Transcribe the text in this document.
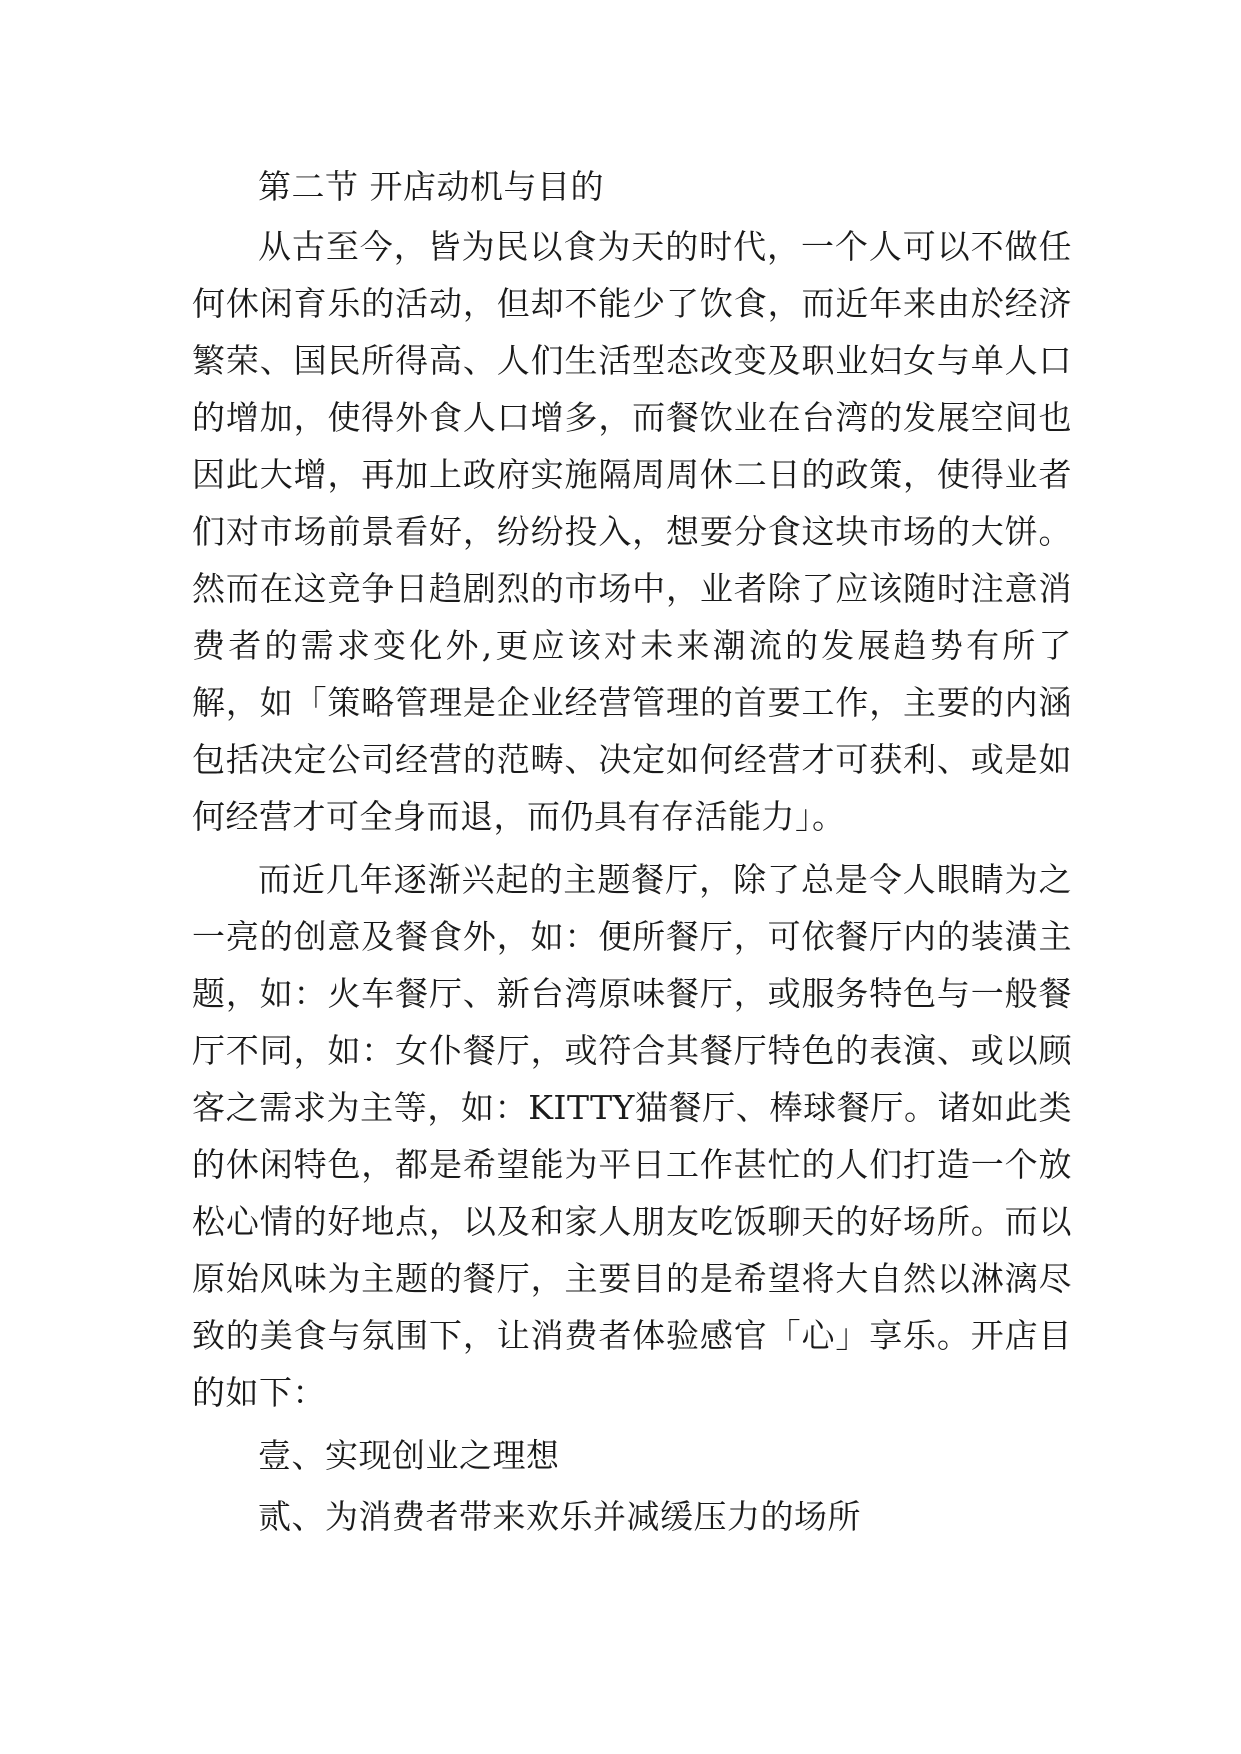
第二节 开店动机与目的

从古至今，皆为民以食为天的时代，一个人可以不做任何休闲育乐的活动，但却不能少了饮食，而近年来由於经济繁荣、国民所得高、人们生活型态改变及职业妇女与单人口的增加，使得外食人口增多，而餐饮业在台湾的发展空间也因此大增，再加上政府实施隔周周休二日的政策，使得业者们对市场前景看好，纷纷投入，想要分食这块市场的大饼。然而在这竞争日趋剧烈的市场中，业者除了应该随时注意消费者的需求变化外,更应该对未来潮流的发展趋势有所了解，如「策略管理是企业经营管理的首要工作，主要的内涵包括决定公司经营的范畴、决定如何经营才可获利、或是如何经营才可全身而退，而仍具有存活能力」。

而近几年逐渐兴起的主题餐厅，除了总是令人眼睛为之一亮的创意及餐食外，如：便所餐厅，可依餐厅内的装潢主题，如：火车餐厅、新台湾原味餐厅，或服务特色与一般餐厅不同，如：女仆餐厅，或符合其餐厅特色的表演、或以顾客之需求为主等，如：KITTY猫餐厅、棒球餐厅。诸如此类的休闲特色，都是希望能为平日工作甚忙的人们打造一个放松心情的好地点，以及和家人朋友吃饭聊天的好场所。而以原始风味为主题的餐厅，主要目的是希望将大自然以淋漓尽致的美食与氛围下，让消费者体验感官「心」享乐。开店目的如下：

壹、实现创业之理想
贰、为消费者带来欢乐并减缓压力的场所
